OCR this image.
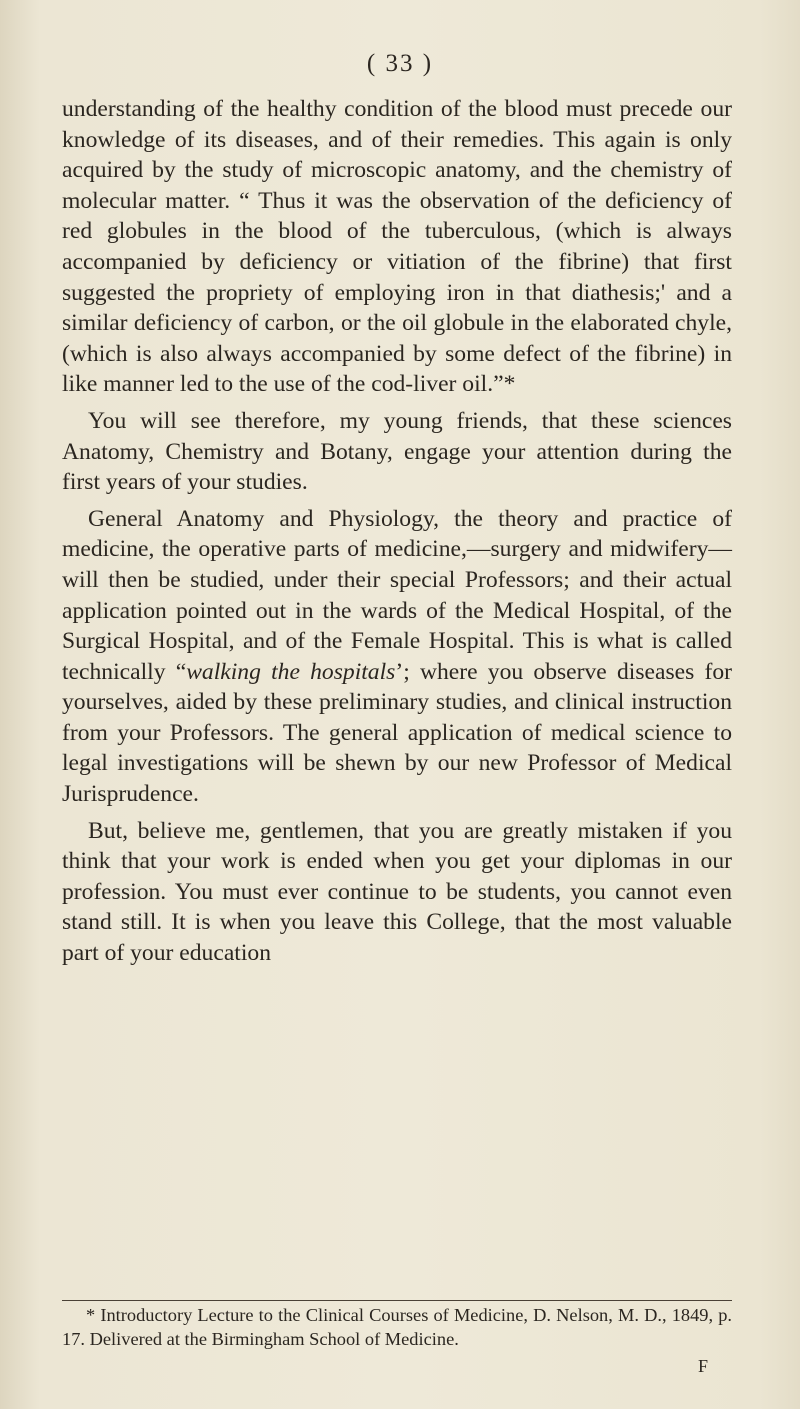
( 33 )

understanding of the healthy condition of the blood must precede our knowledge of its diseases, and of their remedies. This again is only acquired by the study of microscopic anatomy, and the chemistry of molecular matter. “ Thus it was the observation of the deficiency of red globules in the blood of the tuberculous, (which is always accompanied by deficiency or vitiation of the fibrine) that first suggested the propriety of employing iron in that diathesis;' and a similar deficiency of carbon, or the oil globule in the elaborated chyle, (which is also always accompanied by some defect of the fibrine) in like manner led to the use of the cod-liver oil.”*

You will see therefore, my young friends, that these sciences Anatomy, Chemistry and Botany, engage your attention during the first years of your studies.

General Anatomy and Physiology, the theory and practice of medicine, the operative parts of medicine,—surgery and midwifery—will then be studied, under their special Professors; and their actual application pointed out in the wards of the Medical Hospital, of the Surgical Hospital, and of the Female Hospital. This is what is called technically “walking the hospitals’; where you observe diseases for yourselves, aided by these preliminary studies, and clinical instruction from your Professors. The general application of medical science to legal investigations will be shewn by our new Professor of Medical Jurisprudence.

But, believe me, gentlemen, that you are greatly mistaken if you think that your work is ended when you get your diplomas in our profession. You must ever continue to be students, you cannot even stand still. It is when you leave this College, that the most valuable part of your education

* Introductory Lecture to the Clinical Courses of Medicine, D. Nelson, M. D., 1849, p. 17. Delivered at the Birmingham School of Medicine.
F
